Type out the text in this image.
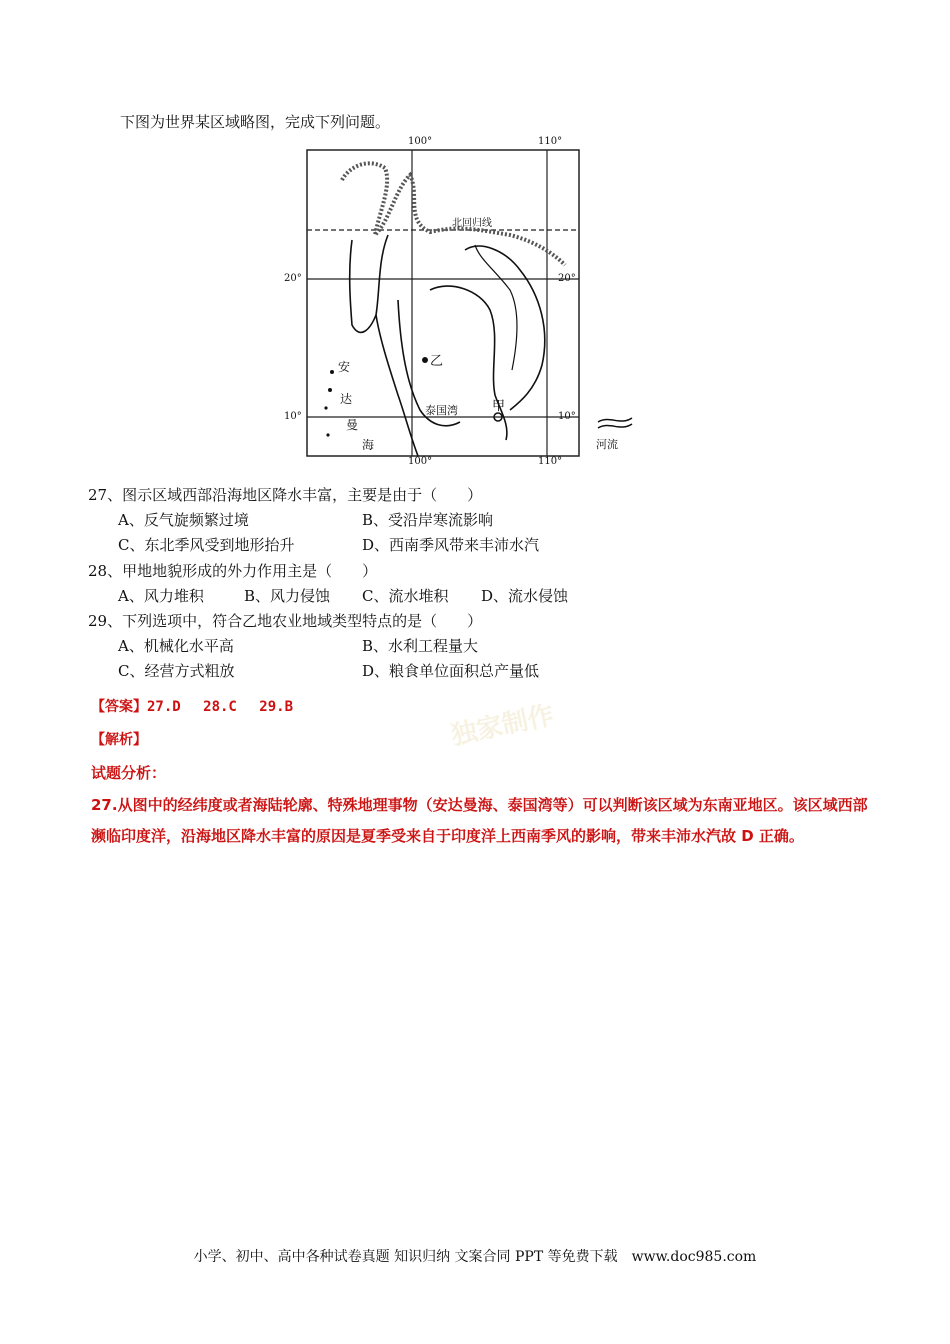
下图为世界某区域略图，完成下列问题。
100°	110°
100°	110°
20°
10°
20°
10°
北回归线
乙
甲
安
达
曼
海
泰国湾
河流
27、图示区域西部沿海地区降水丰富，主要是由于（　　）
A、反气旋频繁过境	B、受沿岸寒流影响
C、东北季风受到地形抬升	D、西南季风带来丰沛水汽
28、甲地地貌形成的外力作用主是（　　）
A、风力堆积	B、风力侵蚀 C、流水堆积 D、流水侵蚀
29、下列选项中，符合乙地农业地域类型特点的是（　　）
A、机械化水平高	B、水利工程量大
C、经营方式粗放	D、粮食单位面积总产量低
独家制作
【答案】27.D　 28.C　 29.B
【解析】
试题分析：
27.从图中的经纬度或者海陆轮廓、特殊地理事物（安达曼海、泰国湾等）可以判断该区域为东南亚地区。该区域西部濒临印度洋，沿海地区降水丰富的原因是夏季受来自于印度洋上西南季风的影响，带来丰沛水汽故 D 正确。
小学、初中、高中各种试卷真题 知识归纳 文案合同 PPT 等免费下载　www.doc985.com
